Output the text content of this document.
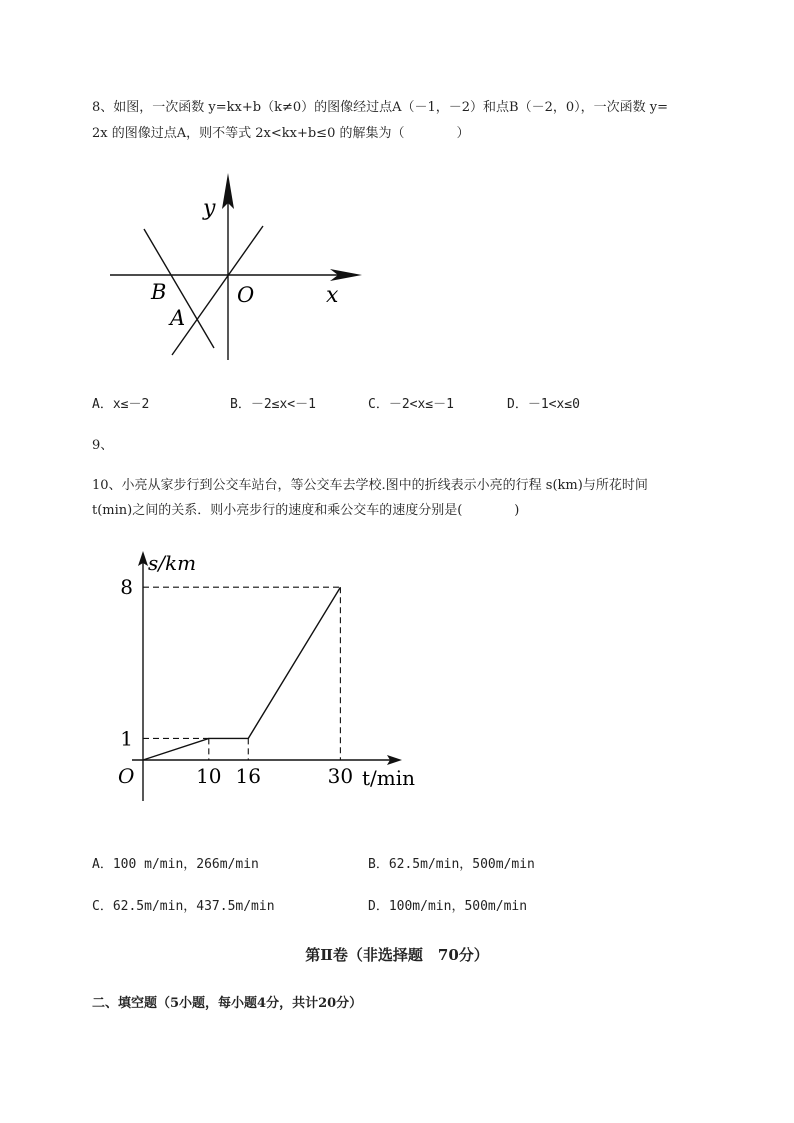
8、如图，一次函数 y=kx+b（k≠0）的图像经过点A（－1，－2）和点B（－2，0），一次函数 y=
2x 的图像过点A，则不等式 2x<kx+b≤0 的解集为（　　　　）
y
x
O
B
A
A．x≤－2	B．－2≤x<－1	C．－2<x≤－1	D．－1<x≤0
9、
10、小亮从家步行到公交车站台，等公交车去学校.图中的折线表示小亮的行程 s(km)与所花时间
t(min)之间的关系．则小亮步行的速度和乘公交车的速度分别是(　　　　)
10 16	30
1
8
s/km
t/min
O
A．100 m/min，266m/min	B．62.5m/min，500m/min
C．62.5m/min，437.5m/min	D．100m/min，500m/min
第Ⅱ卷（非选择题　70分）
二、填空题（5小题，每小题4分，共计20分）
